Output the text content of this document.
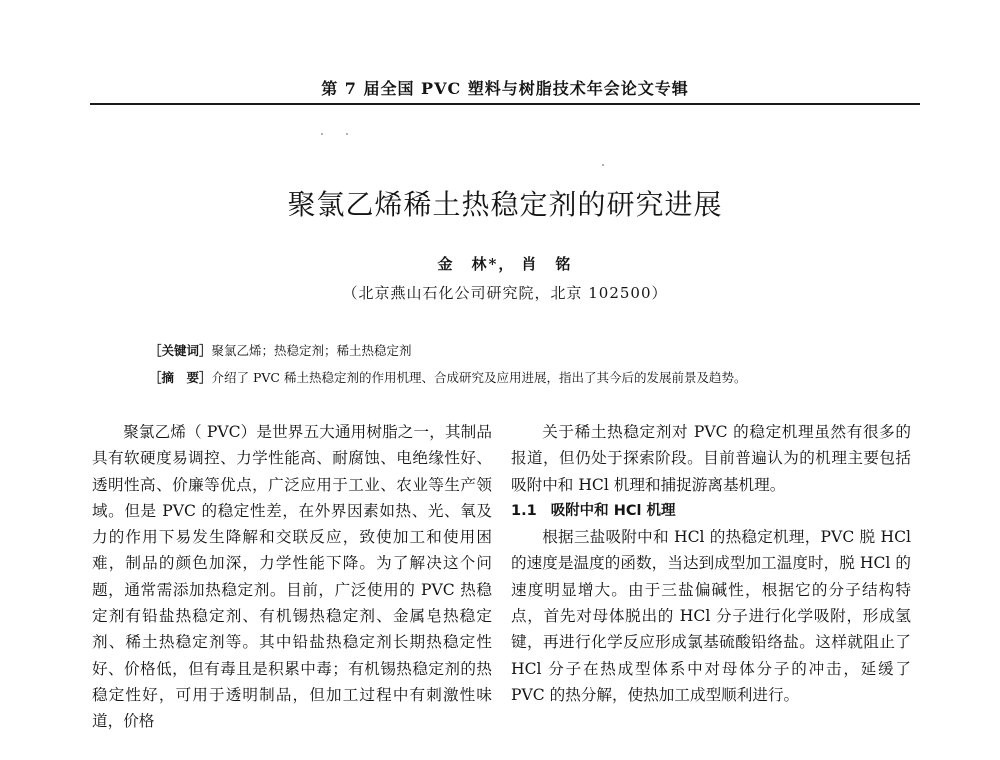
第 7 届全国 PVC 塑料与树脂技术年会论文专辑
聚氯乙烯稀土热稳定剂的研究进展
金　林*， 肖　铭
（北京燕山石化公司研究院，北京 102500）
［关键词］聚氯乙烯；热稳定剂；稀土热稳定剂
［摘　要］介绍了 PVC 稀土热稳定剂的作用机理、合成研究及应用进展，指出了其今后的发展前景及趋势。

聚氯乙烯（ PVC）是世界五大通用树脂之一，其制品具有软硬度易调控、力学性能高、耐腐蚀、电绝缘性好、透明性高、价廉等优点，广泛应用于工业、农业等生产领域。但是 PVC 的稳定性差，在外界因素如热、光、氧及力的作用下易发生降解和交联反应，致使加工和使用困难，制品的颜色加深，力学性能下降。为了解决这个问题，通常需添加热稳定剂。目前，广泛使用的 PVC 热稳定剂有铅盐热稳定剂、有机锡热稳定剂、金属皂热稳定剂、稀土热稳定剂等。其中铅盐热稳定剂长期热稳定性好、价格低，但有毒且是积累中毒；有机锡热稳定剂的热稳定性好，可用于透明制品，但加工过程中有刺激性味道，价格

关于稀土热稳定剂对 PVC 的稳定机理虽然有很多的报道，但仍处于探索阶段。目前普遍认为的机理主要包括吸附中和 HCl 机理和捕捉游离基机理。

1.1 吸附中和 HCl 机理

根据三盐吸附中和 HCl 的热稳定机理，PVC 脱 HCl 的速度是温度的函数，当达到成型加工温度时，脱 HCl 的速度明显增大。由于三盐偏碱性，根据它的分子结构特点，首先对母体脱出的 HCl 分子进行化学吸附，形成氢键，再进行化学反应形成氯基硫酸铅络盐。这样就阻止了 HCl 分子在热成型体系中对母体分子的冲击，延缓了 PVC 的热分解，使热加工成型顺利进行。
